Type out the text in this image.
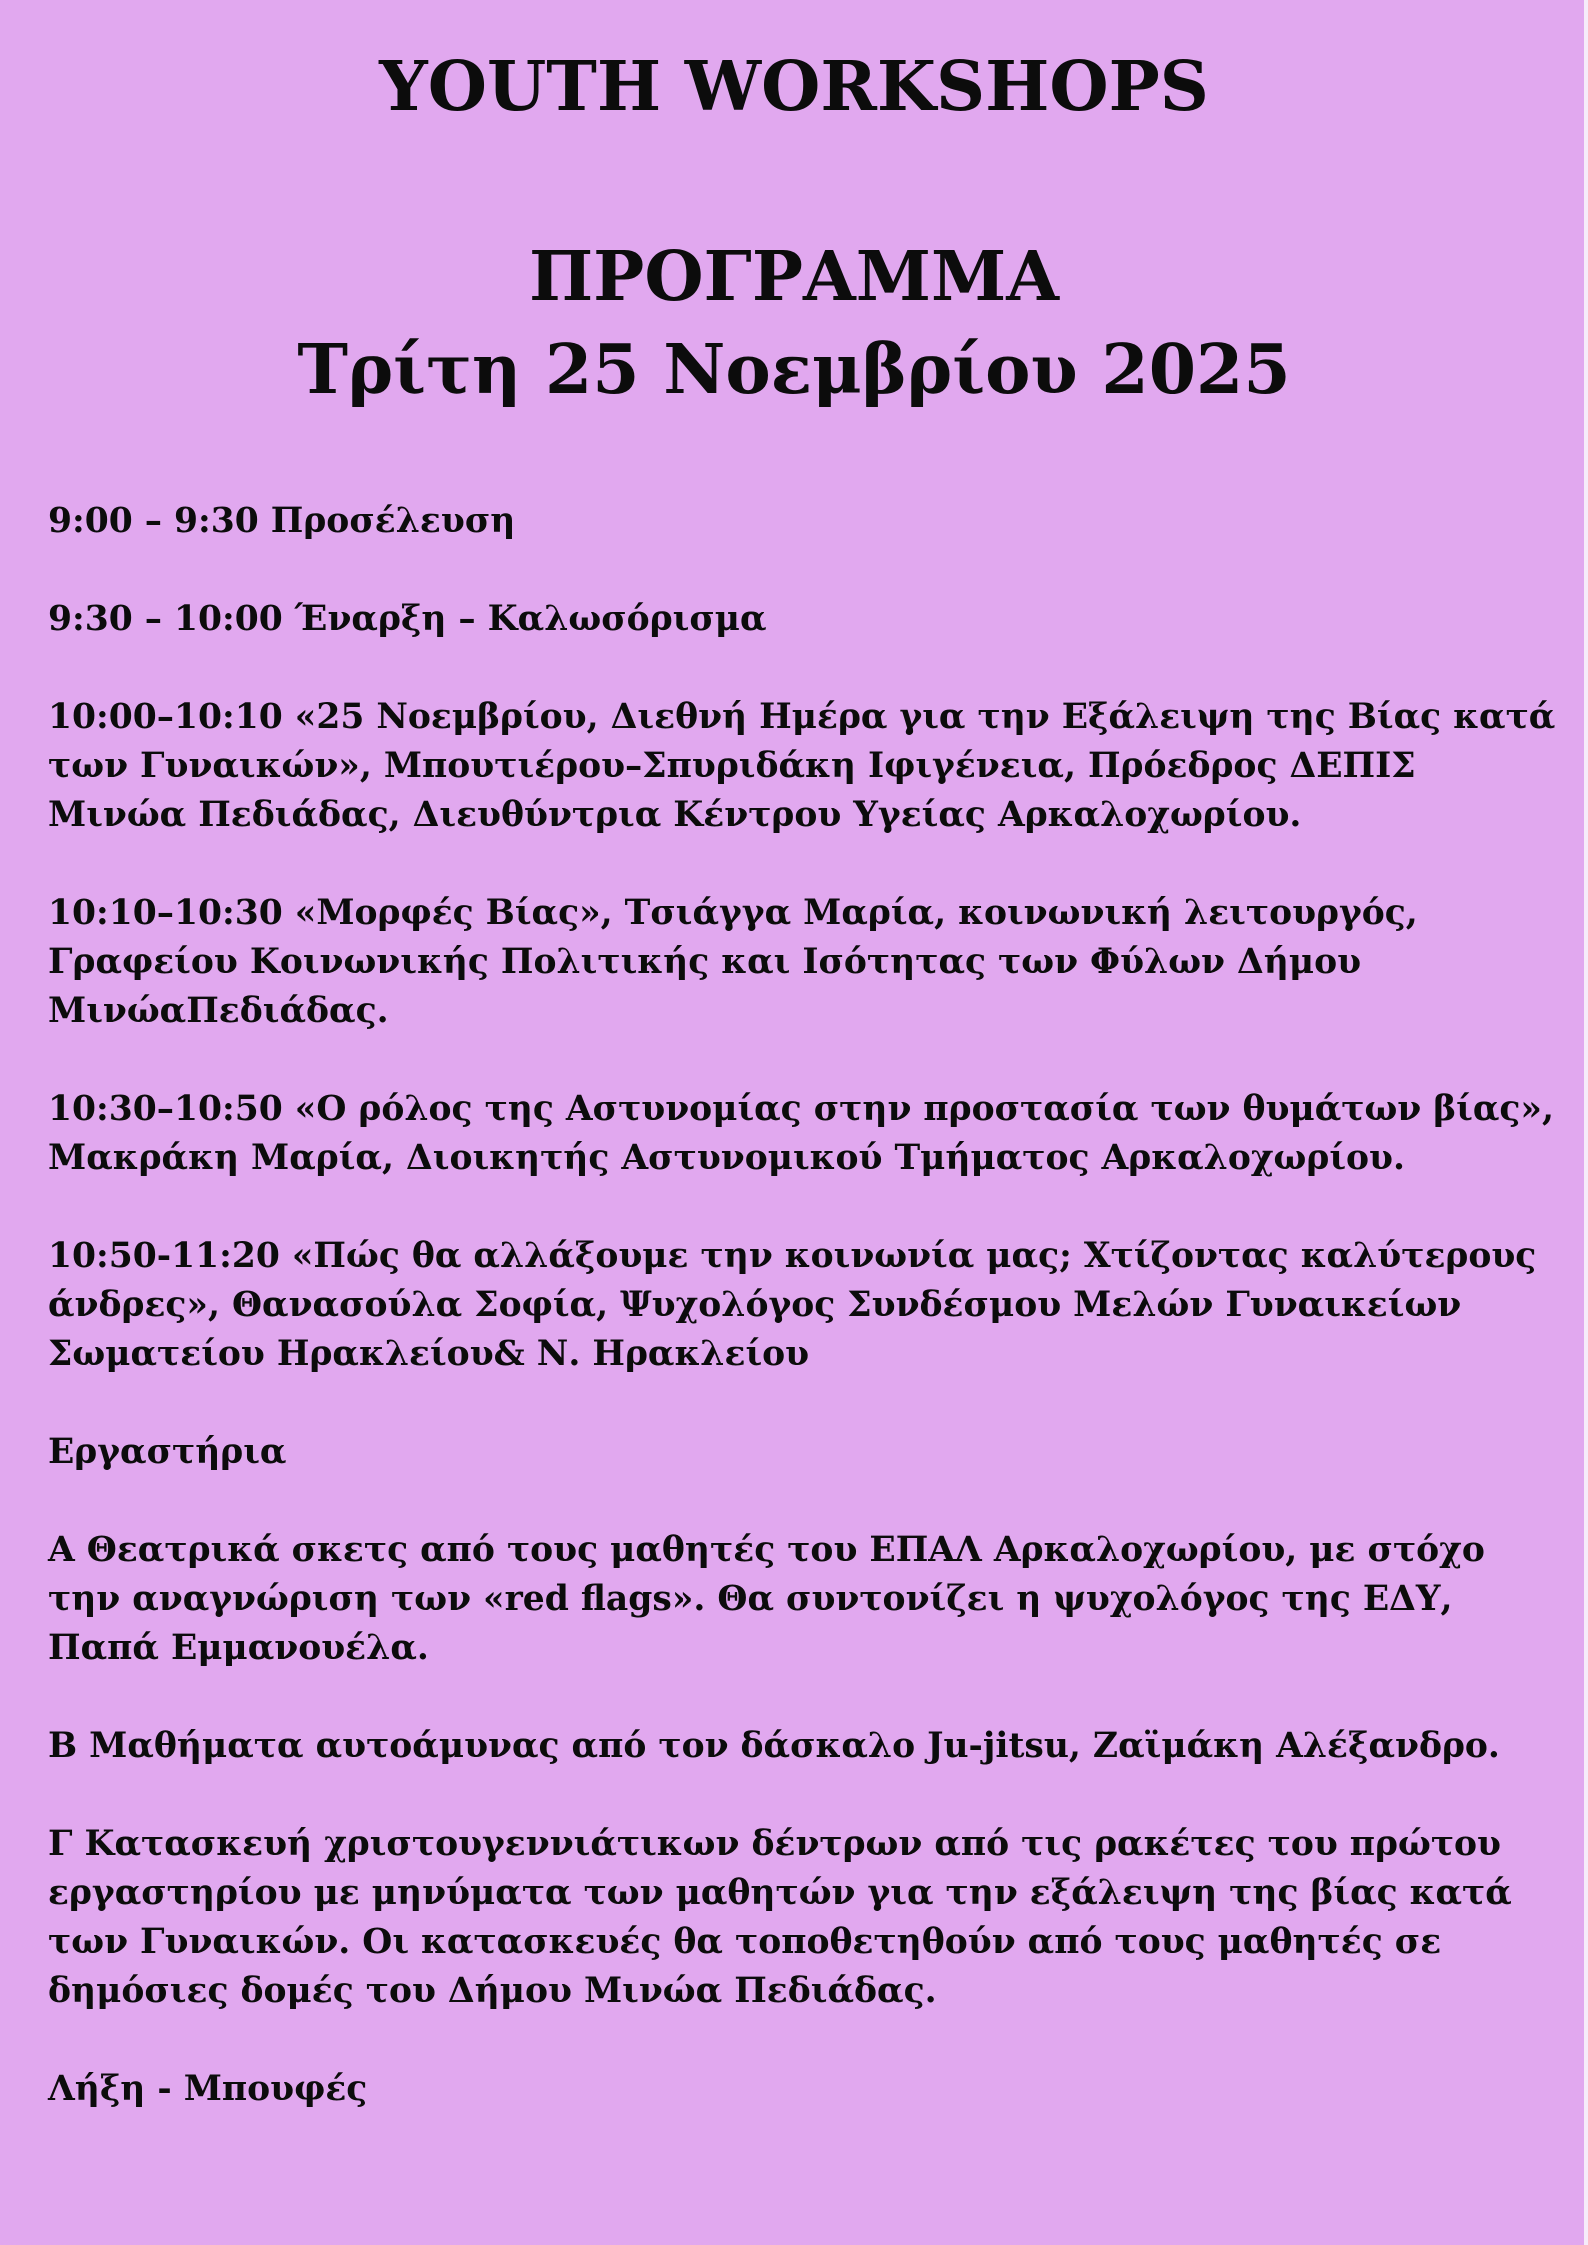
YOUTH WORKSHOPS
ΠΡΟΓΡΑΜΜΑ
Τρίτη 25 Νοεμβρίου 2025

9:00 – 9:30 Προσέλευση

9:30 – 10:00 Έναρξη – Καλωσόρισμα

10:00–10:10 «25 Νοεμβρίου, Διεθνή Ημέρα για την Εξάλειψη της Βίας κατά των Γυναικών», Μπουτιέρου–Σπυριδάκη Ιφιγένεια, Πρόεδρος ΔΕΠΙΣ Μινώα Πεδιάδας, Διευθύντρια Κέντρου Υγείας Αρκαλοχωρίου.

10:10–10:30 «Μορφές Βίας», Τσιάγγα Μαρία, κοινωνική λειτουργός, Γραφείου Κοινωνικής Πολιτικής και Ισότητας των Φύλων Δήμου ΜινώαΠεδιάδας.

10:30–10:50 «Ο ρόλος της Αστυνομίας στην προστασία των θυμάτων βίας», Μακράκη Μαρία, Διοικητής Αστυνομικού Τμήματος Αρκαλοχωρίου.

10:50-11:20 «Πώς θα αλλάξουμε την κοινωνία μας; Χτίζοντας καλύτερους άνδρες», Θανασούλα Σοφία, Ψυχολόγος Συνδέσμου Μελών Γυναικείων Σωματείου Ηρακλείου& Ν. Ηρακλείου

Εργαστήρια

Α Θεατρικά σκετς από τους μαθητές του ΕΠΑΛ Αρκαλοχωρίου, με στόχο την αναγνώριση των «red flags». Θα συντονίζει η ψυχολόγος της ΕΔΥ, Παπά Εμμανουέλα.

Β Μαθήματα αυτοάμυνας από τον δάσκαλο Ju-jitsu, Ζαϊμάκη Αλέξανδρο.

Γ Κατασκευή χριστουγεννιάτικων δέντρων από τις ρακέτες του πρώτου εργαστηρίου με μηνύματα των μαθητών για την εξάλειψη της βίας κατά των Γυναικών. Οι κατασκευές θα τοποθετηθούν από τους μαθητές σε δημόσιες δομές του Δήμου Μινώα Πεδιάδας.

Λήξη - Μπουφές
